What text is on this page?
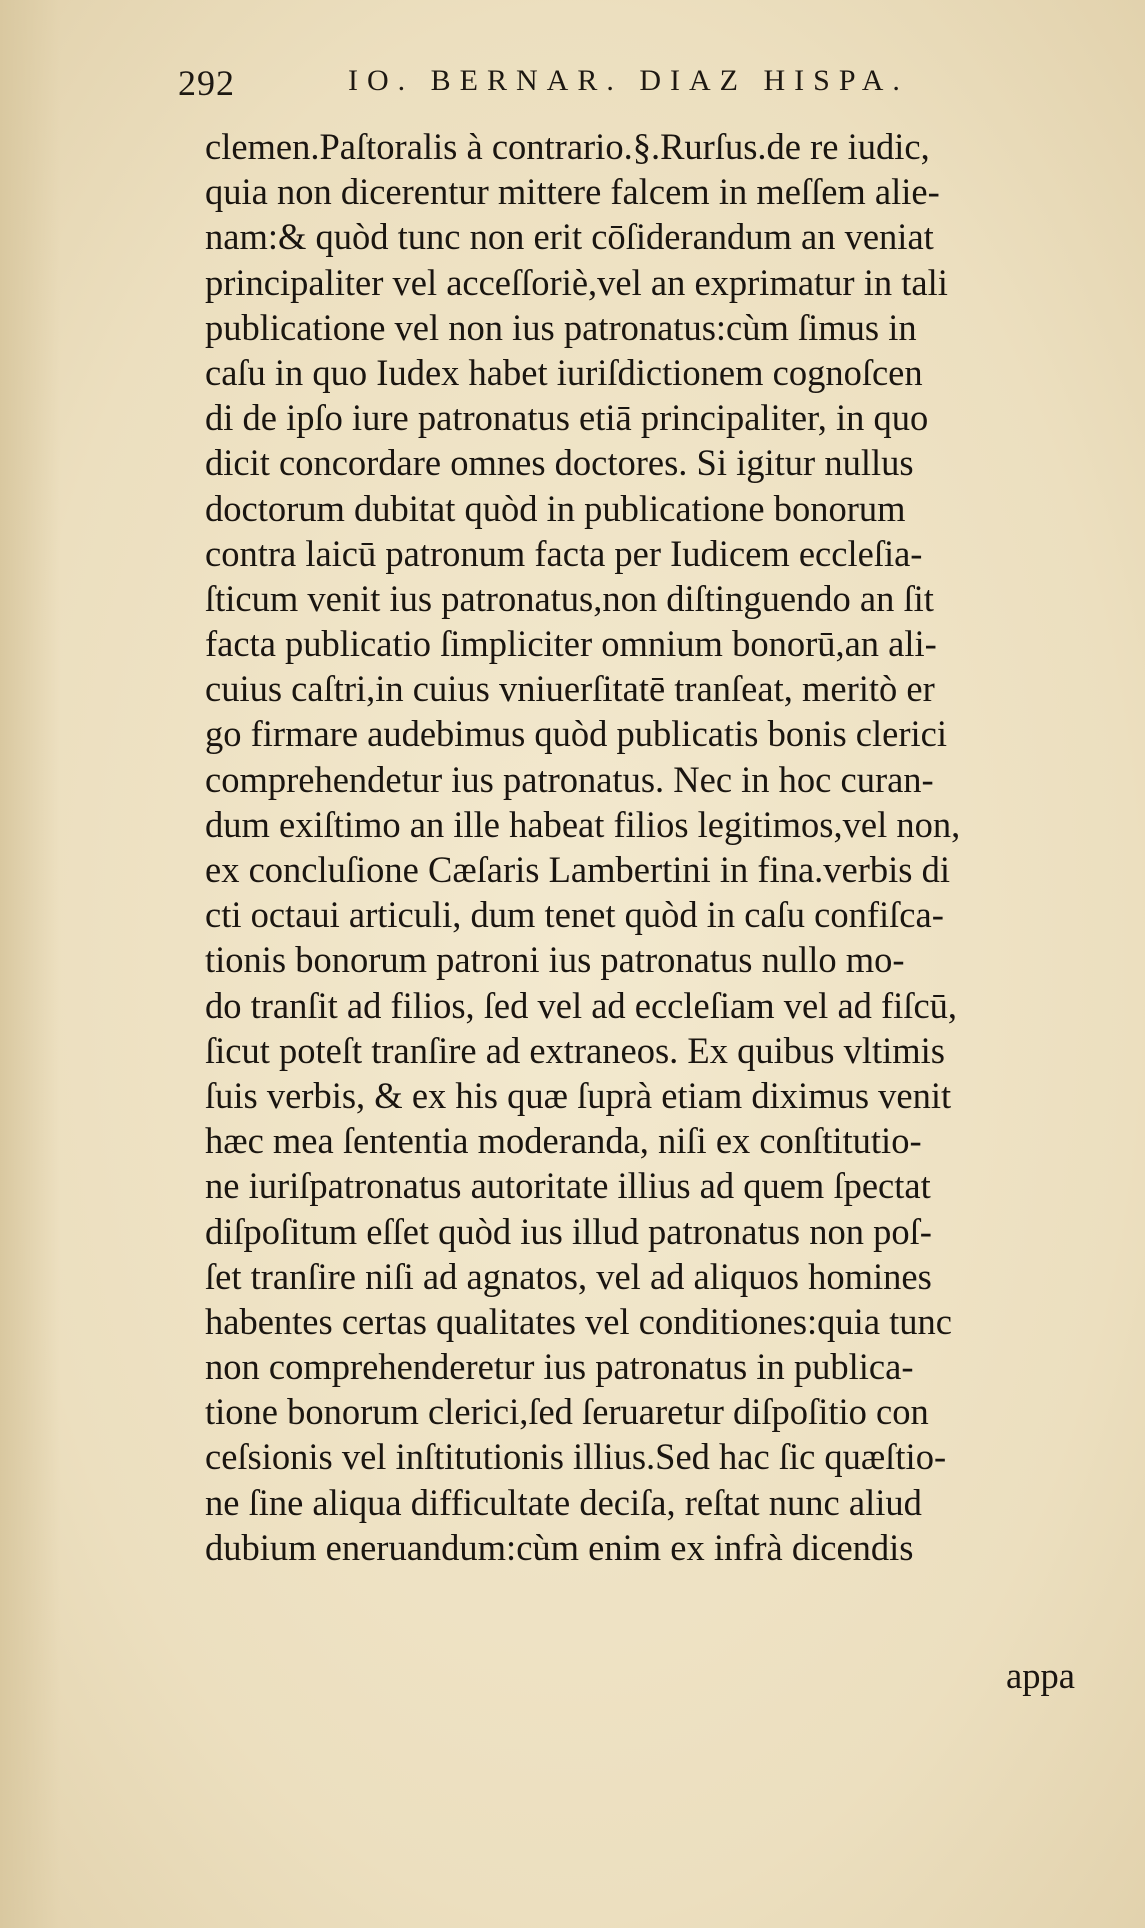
292	IO. BERNAR. DIAZ HISPA.
clemen.Paſtoralis à contrario.§.Rurſus.de re iudic,
quia non dicerentur mittere falcem in meſſem alie-
nam:& quòd tunc non erit cōſiderandum an veniat
principaliter vel acceſſoriè,vel an exprimatur in tali
publicatione vel non ius patronatus:cùm ſimus in
caſu in quo Iudex habet iuriſdictionem cognoſcen
di de ipſo iure patronatus etiā principaliter, in quo
dicit concordare omnes doctores. Si igitur nullus
doctorum dubitat quòd in publicatione bonorum
contra laicū patronum facta per Iudicem eccleſia-
ſticum venit ius patronatus,non diſtinguendo an ſit
facta publicatio ſimpliciter omnium bonorū,an ali-
cuius caſtri,in cuius vniuerſitatē tranſeat, meritò er
go firmare audebimus quòd publicatis bonis clerici
comprehendetur ius patronatus. Nec in hoc curan-
dum exiſtimo an ille habeat filios legitimos,vel non,
ex concluſione Cæſaris Lambertini in fina.verbis di
cti octaui articuli, dum tenet quòd in caſu confiſca-
tionis bonorum patroni ius patronatus nullo mo-
do tranſit ad filios, ſed vel ad eccleſiam vel ad fiſcū,
ſicut poteſt tranſire ad extraneos. Ex quibus vltimis
ſuis verbis, & ex his quæ ſuprà etiam diximus venit
hæc mea ſententia moderanda, niſi ex conſtitutio-
ne iuriſpatronatus autoritate illius ad quem ſpectat
diſpoſitum eſſet quòd ius illud patronatus non poſ-
ſet tranſire niſi ad agnatos, vel ad aliquos homines
habentes certas qualitates vel conditiones:quia tunc
non comprehenderetur ius patronatus in publica-
tione bonorum clerici,ſed ſeruaretur diſpoſitio con
ceſsionis vel inſtitutionis illius.Sed hac ſic quæſtio-
ne ſine aliqua difficultate deciſa, reſtat nunc aliud
dubium eneruandum:cùm enim ex infrà dicendis
appa
